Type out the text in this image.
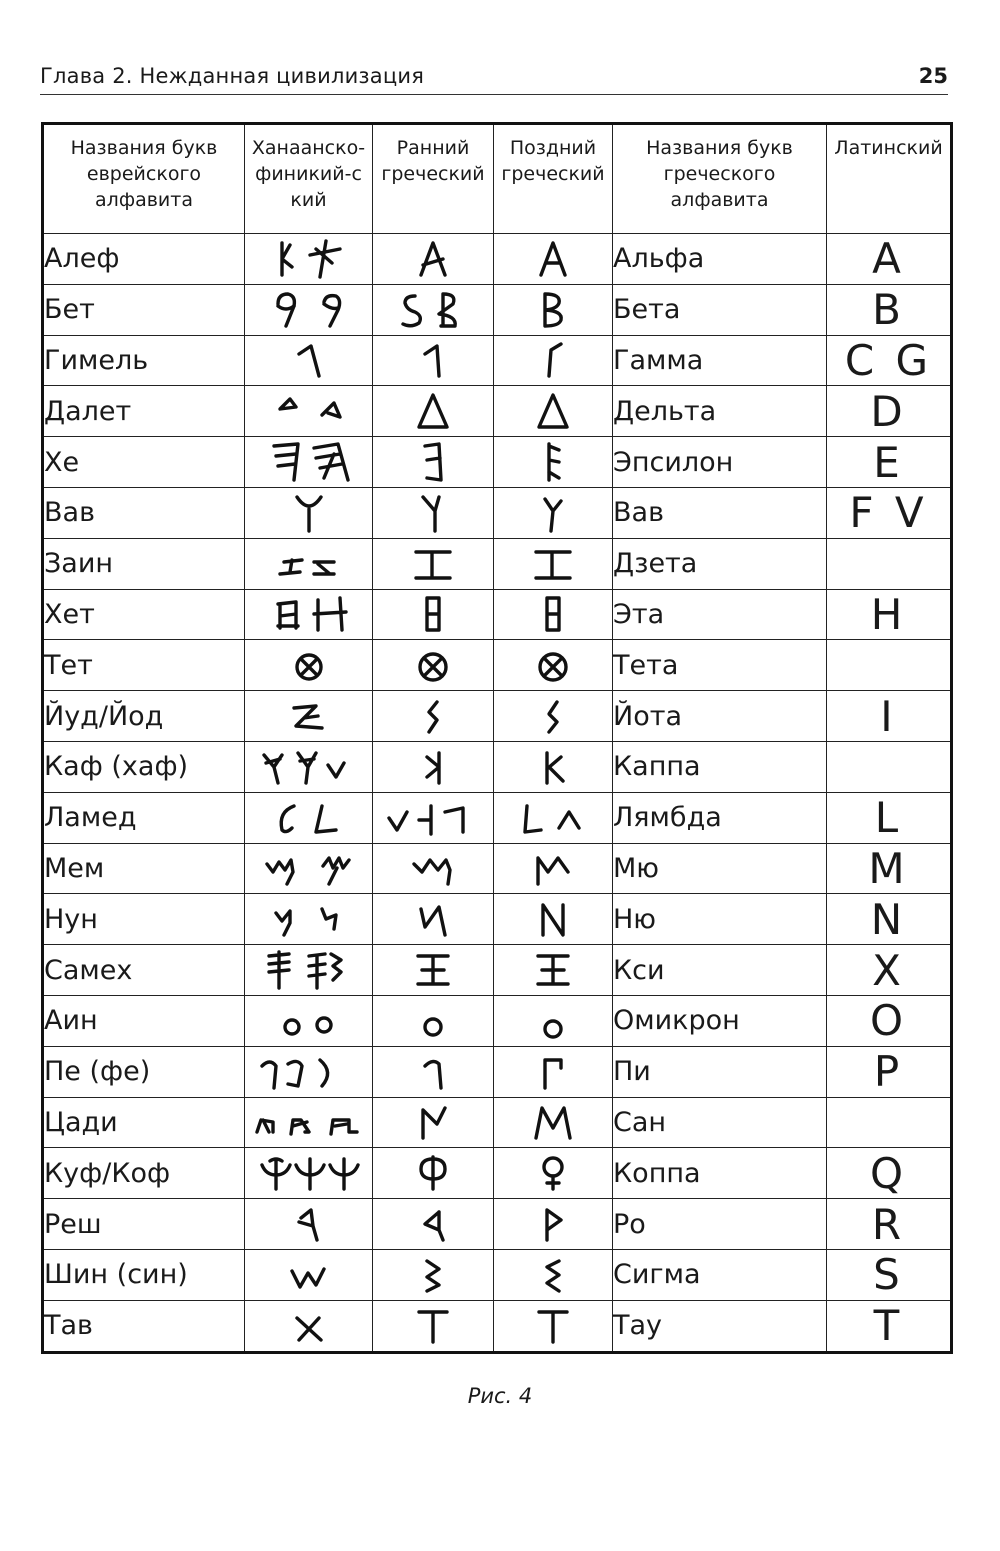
Глава 2. Нежданная цивилизация	25
Названия букв еврейского алфавита	Ханаанско-финикий-ский	Ранний греческий	Поздний греческий	Названия букв греческого алфавита	Латинский
Алеф				Альфа	A
Бет				Бета	B
Гимель				Гамма	C G
Далет				Дельта	D
Хе				Эпсилон	E
Вав				Вав	F V
Заин				Дзета	
Хет				Эта	H
Тет				Тета	
Йуд/Йод				Йота	I
Каф (хаф)				Каппа	
Ламед				Лямбда	L
Мем				Мю	M
Нун				Ню	N
Самех				Кси	X
Аин				Омикрон	O
Пе (фе)				Пи	P
Цади				Сан	
Куф/Коф				Коппа	Q
Реш				Ро	R
Шин (син)				Сигма	S
Тав				Тау	T
Рис. 4
